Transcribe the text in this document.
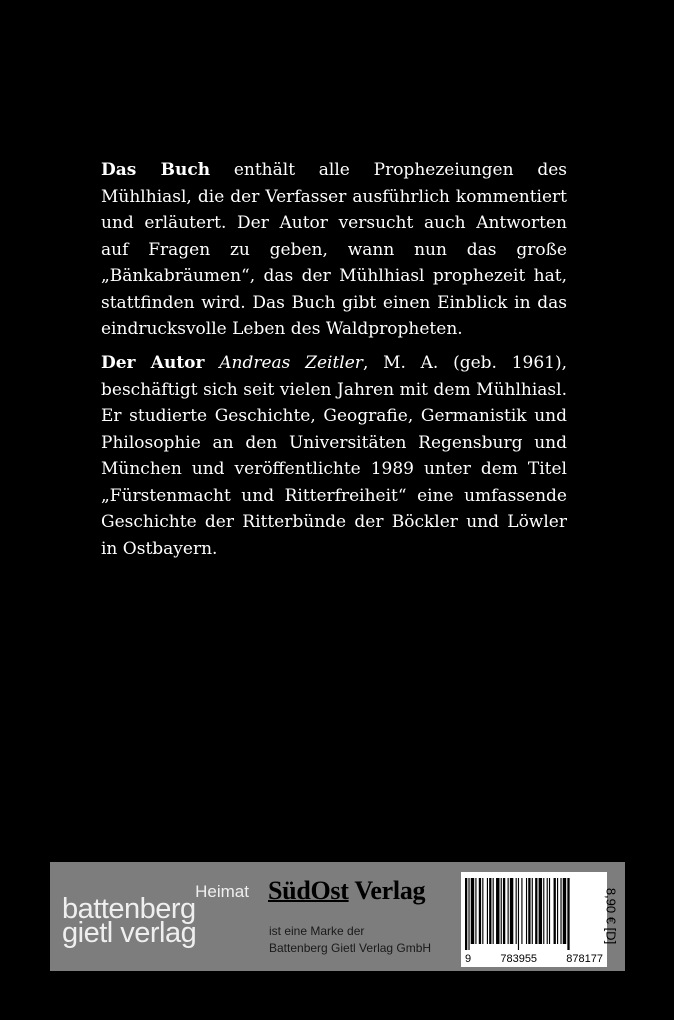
Das Buch enthält alle Prophezeiungen des Mühlhiasl, die der Verfasser ausführlich kommentiert und erläutert. Der Autor versucht auch Antworten auf Fragen zu geben, wann nun das große „Bänkabräumen“, das der Mühlhiasl prophezeit hat, stattfinden wird. Das Buch gibt einen Einblick in das eindrucksvolle Leben des Waldpropheten.

Der Autor Andreas Zeitler, M. A. (geb. 1961), beschäftigt sich seit vielen Jahren mit dem Mühlhiasl. Er studierte Geschichte, Geografie, Germanistik und Philosophie an den Universitäten Regensburg und München und veröffentlichte 1989 unter dem Titel „Fürstenmacht und Ritterfreiheit“ eine umfassende Geschichte der Ritterbünde der Böckler und Löwler in Ostbayern.

Heimat
battenberg
gietl verlag
SüdOst Verlag
ist eine Marke der
Battenberg Gietl Verlag GmbH
9	783955	878177
8,90 € [D]
